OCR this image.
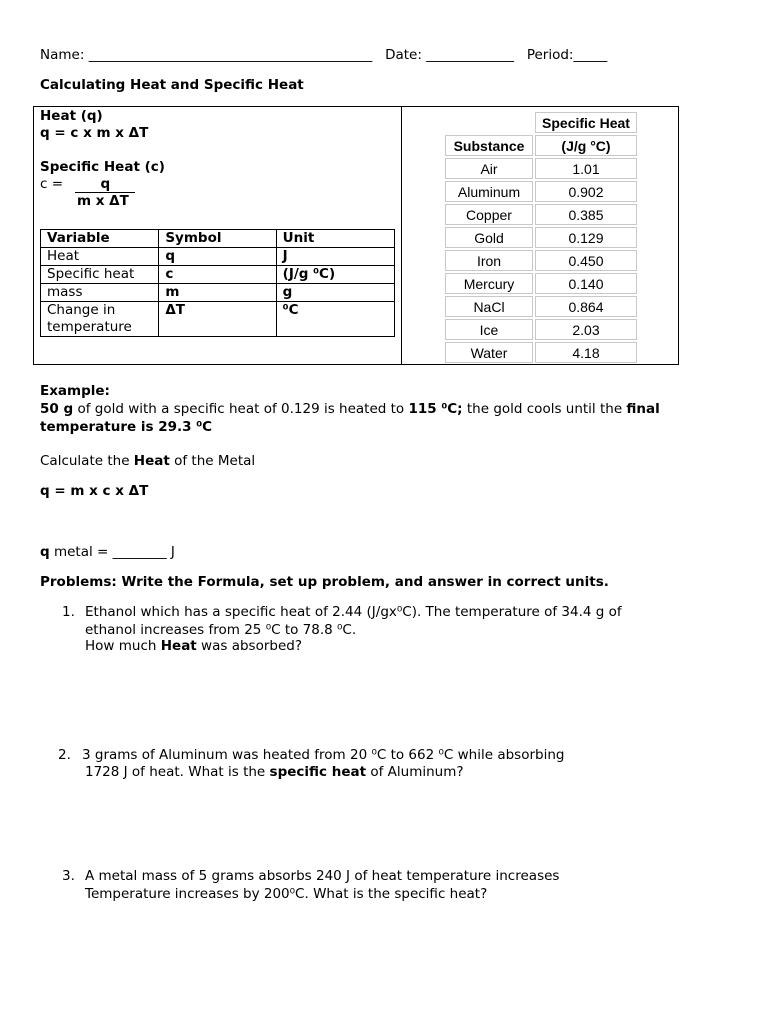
Name: __________________________________________ Date: _____________ Period:_____
Calculating Heat and Specific Heat
Heat (q)
q = c x m x ΔT
Specific Heat (c)
c = q
m x ΔT
Variable	Symbol	Unit
Heat	q	J
Specific heat	c	(J/g ⁰C)
mass	m	g
Change in temperature	ΔT	⁰C
	Specific Heat
Substance	(J/g °C)
Air	1.01
Aluminum	0.902
Copper	0.385
Gold	0.129
Iron	0.450
Mercury	0.140
NaCl	0.864
Ice	2.03
Water	4.18
Example:
50 g of gold with a specific heat of 0.129 is heated to 115 ⁰C; the gold cools until the final
temperature is 29.3 ⁰C
Calculate the Heat of the Metal
q = m x c x ΔT
q metal = ________ J
Problems: Write the Formula, set up problem, and answer in correct units.
1. Ethanol which has a specific heat of 2.44 (J/gx⁰C). The temperature of 34.4 g of
ethanol increases from 25 ⁰C to 78.8 ⁰C.
How much Heat was absorbed?
2. 3 grams of Aluminum was heated from 20 ⁰C to 662 ⁰C while absorbing
1728 J of heat. What is the specific heat of Aluminum?
3. A metal mass of 5 grams absorbs 240 J of heat temperature increases
Temperature increases by 200⁰C. What is the specific heat?
